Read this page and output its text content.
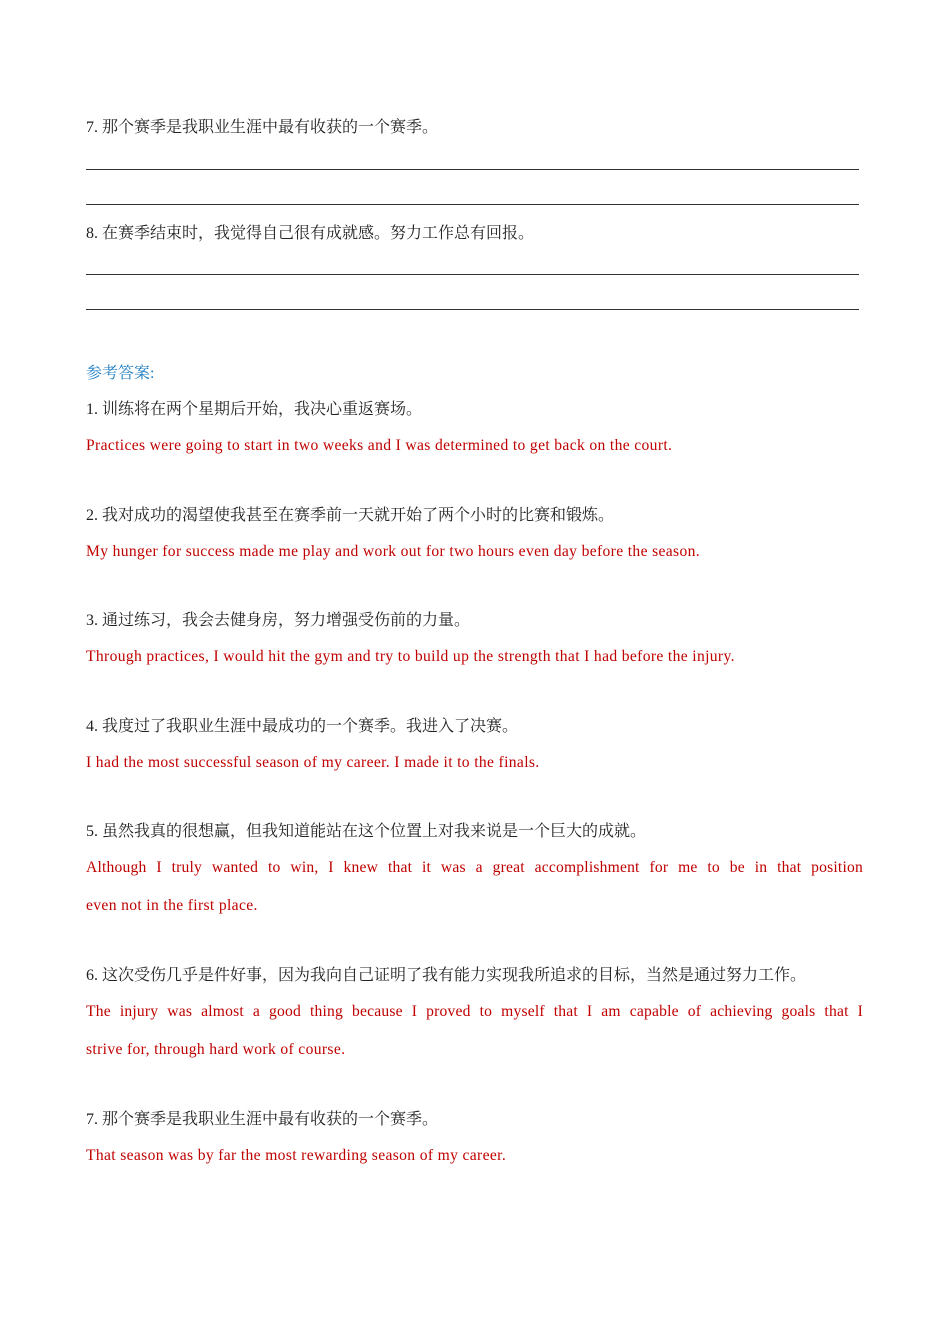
7. 那个赛季是我职业生涯中最有收获的一个赛季。
8. 在赛季结束时，我觉得自己很有成就感。努力工作总有回报。
参考答案:
1. 训练将在两个星期后开始，我决心重返赛场。
Practices were going to start in two weeks and I was determined to get back on the court.
2. 我对成功的渴望使我甚至在赛季前一天就开始了两个小时的比赛和锻炼。
My hunger for success made me play and work out for two hours even day before the season.
3. 通过练习，我会去健身房，努力增强受伤前的力量。
Through practices, I would hit the gym and try to build up the strength that I had before the injury.
4. 我度过了我职业生涯中最成功的一个赛季。我进入了决赛。
I had the most successful season of my career. I made it to the finals.
5. 虽然我真的很想赢，但我知道能站在这个位置上对我来说是一个巨大的成就。
Although I truly wanted to win, I knew that it was a great accomplishment for me to be in that position
even not in the first place.
6. 这次受伤几乎是件好事，因为我向自己证明了我有能力实现我所追求的目标，当然是通过努力工作。
The injury was almost a good thing because I proved to myself that I am capable of achieving goals that I
strive for, through hard work of course.
7. 那个赛季是我职业生涯中最有收获的一个赛季。
That season was by far the most rewarding season of my career.
